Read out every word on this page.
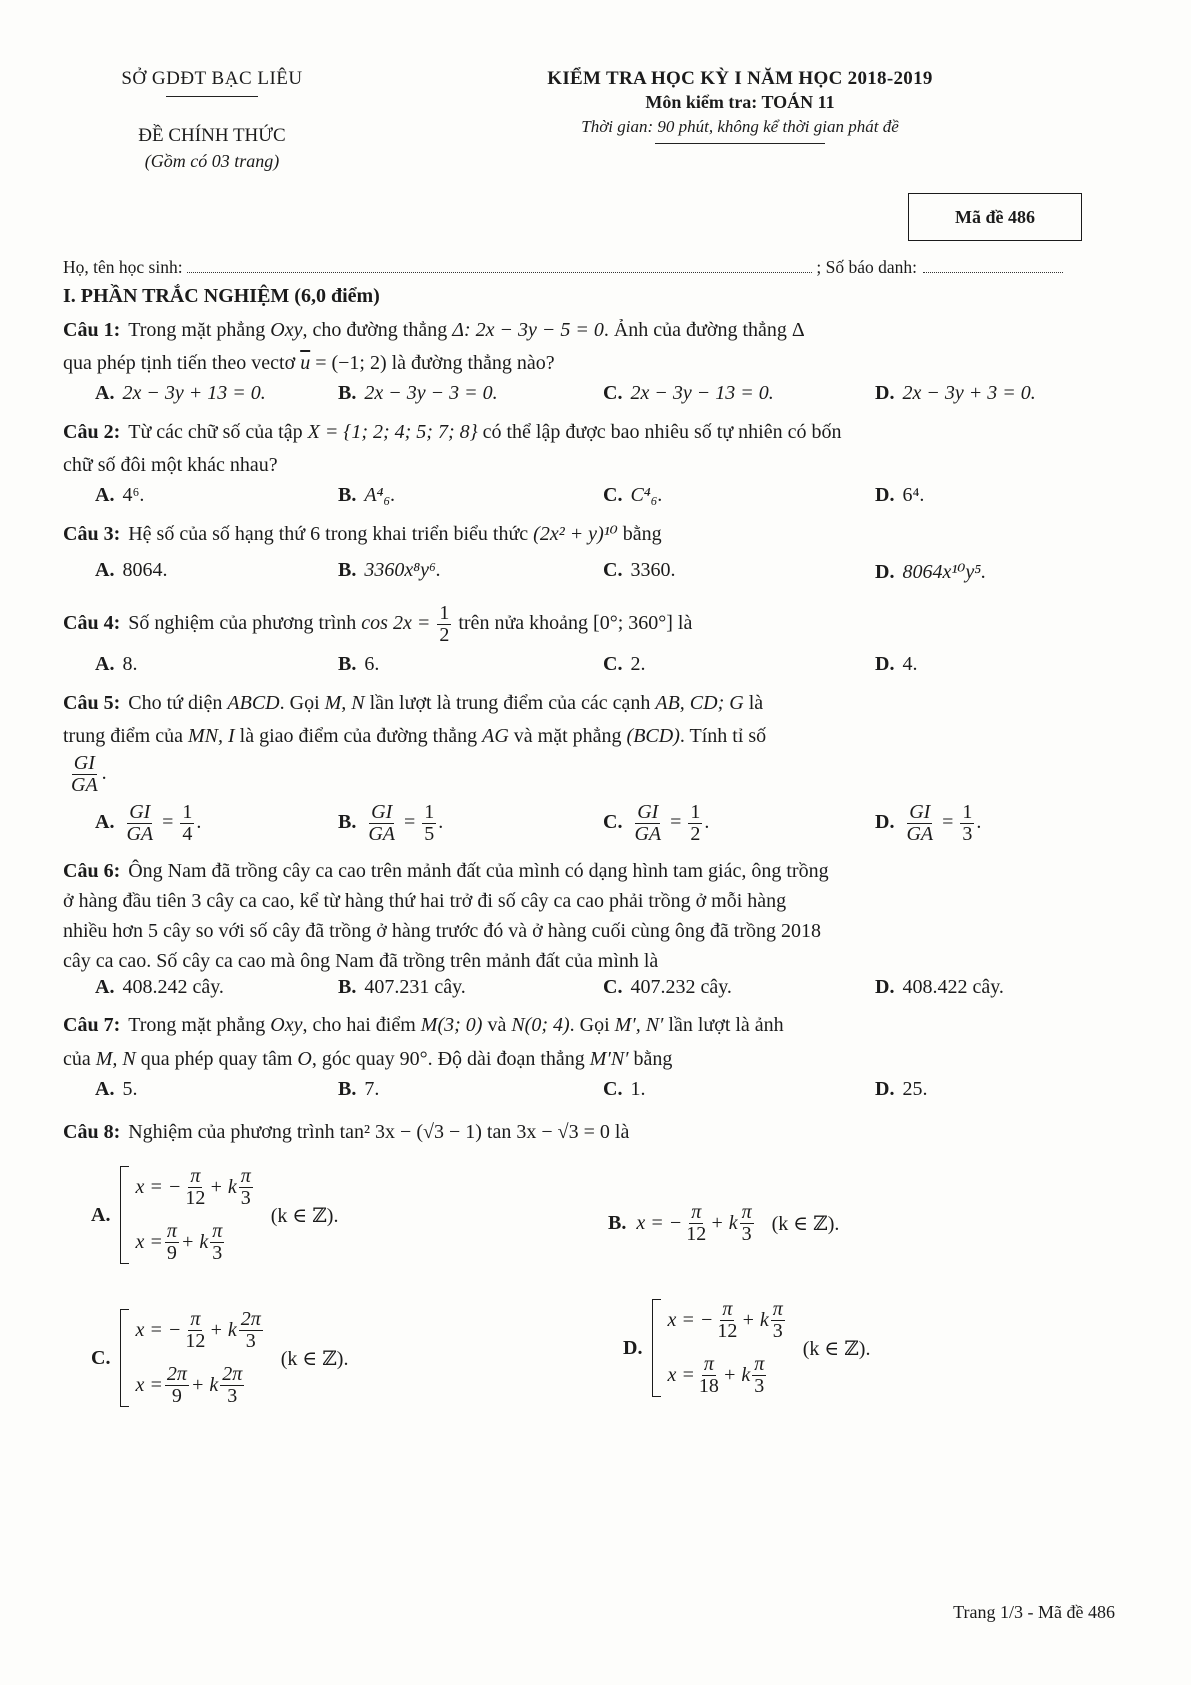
SỞ GDĐT BẠC LIÊU
ĐỀ CHÍNH THỨC
(Gồm có 03 trang)
KIỂM TRA HỌC KỲ I NĂM HỌC 2018-2019
Môn kiểm tra: TOÁN 11
Thời gian: 90 phút, không kể thời gian phát đề
Mã đề 486
Họ, tên học sinh:	; Số báo danh:
I. PHẦN TRẮC NGHIỆM (6,0 điểm)
Câu 1: Trong mặt phẳng Oxy, cho đường thẳng Δ: 2x − 3y − 5 = 0. Ảnh của đường thẳng Δ
qua phép tịnh tiến theo vectơ $\overline{u} = (-1$; 2) là đường thẳng nào?
A. 2x − 3y + 13 = 0.	B. 2x − 3y − 3 = 0.	C. 2x − 3y − 13 = 0.	D. 2x − 3y + 3 = 0.
Câu 2: Từ các chữ số của tập X = {1; 2; 4; 5; 7; 8} có thể lập được bao nhiêu số tự nhiên có bốn
chữ số đôi một khác nhau?
A. 4⁶.	B. A⁴₆.	C. C⁴₆.	D. 6⁴.
Câu 3: Hệ số của số hạng thứ 6 trong khai triển biểu thức (2x² + y)¹⁰ bằng
A. 8064.	B. 3360x⁸y⁶.	C. 3360.	D. 8064x¹⁰y⁵.
Câu 4: Số nghiệm của phương trình $\cos 2x = \frac{1}{2}$ trên nửa khoảng [0°; 360°] là
A. 8.	B. 6.	C. 2.	D. 4.
Câu 5: Cho tứ diện ABCD. Gọi M, N lần lượt là trung điểm của các cạnh AB, CD; G là
trung điểm của MN, I là giao điểm của đường thẳng AG và mặt phẳng (BCD). Tính tỉ số

$\frac{GI}{GA}$ .
A. $\frac{GI}{GA} = \frac{1}{4}$ .	B. $\frac{GI}{GA} = \frac{1}{5}$ .	C. $\frac{GI}{GA} = \frac{1}{2}$ .	D. $\frac{GI}{GA} = \frac{1}{3}$ .
Câu 6: Ông Nam đã trồng cây ca cao trên mảnh đất của mình có dạng hình tam giác, ông trồng
ở hàng đầu tiên 3 cây ca cao, kể từ hàng thứ hai trở đi số cây ca cao phải trồng ở mỗi hàng
nhiều hơn 5 cây so với số cây đã trồng ở hàng trước đó và ở hàng cuối cùng ông đã trồng 2018
cây ca cao. Số cây ca cao mà ông Nam đã trồng trên mảnh đất của mình là
A. 408.242 cây.	B. 407.231 cây.	C. 407.232 cây.	D. 408.422 cây.
Câu 7: Trong mặt phẳng Oxy, cho hai điểm M(3; 0) và N(0; 4). Gọi M′, N′ lần lượt là ảnh
của M, N qua phép quay tâm O, góc quay 90°. Độ dài đoạn thẳng M′N′ bằng
A. 5.	B. 7.	C. 1.	D. 25.
Câu 8: Nghiệm của phương trình tan² 3x − (√3 − 1) tan 3x − √3 = 0 là
A.
x = − $\frac{\pi}{12} + k \frac{\pi}{3}$
$x = \frac{\pi}{9} + k \frac{\pi}{3}$
(k ∈ ℤ).	B. x = − $\frac{\pi}{12} + k \frac{\pi}{3} (k$ ∈ ℤ).
C.
x = − $\frac{\pi}{12} + k \frac{2\pi}{3}$
$x = \frac{2\pi}{9} + k \frac{2\pi}{3}$
(k ∈ ℤ).	D.
x = − $\frac{\pi}{12} + k \frac{\pi}{3}$
$x = \frac{\pi}{18} + k \frac{\pi}{3}$
(k ∈ ℤ).
Trang 1/3 - Mã đề 486
